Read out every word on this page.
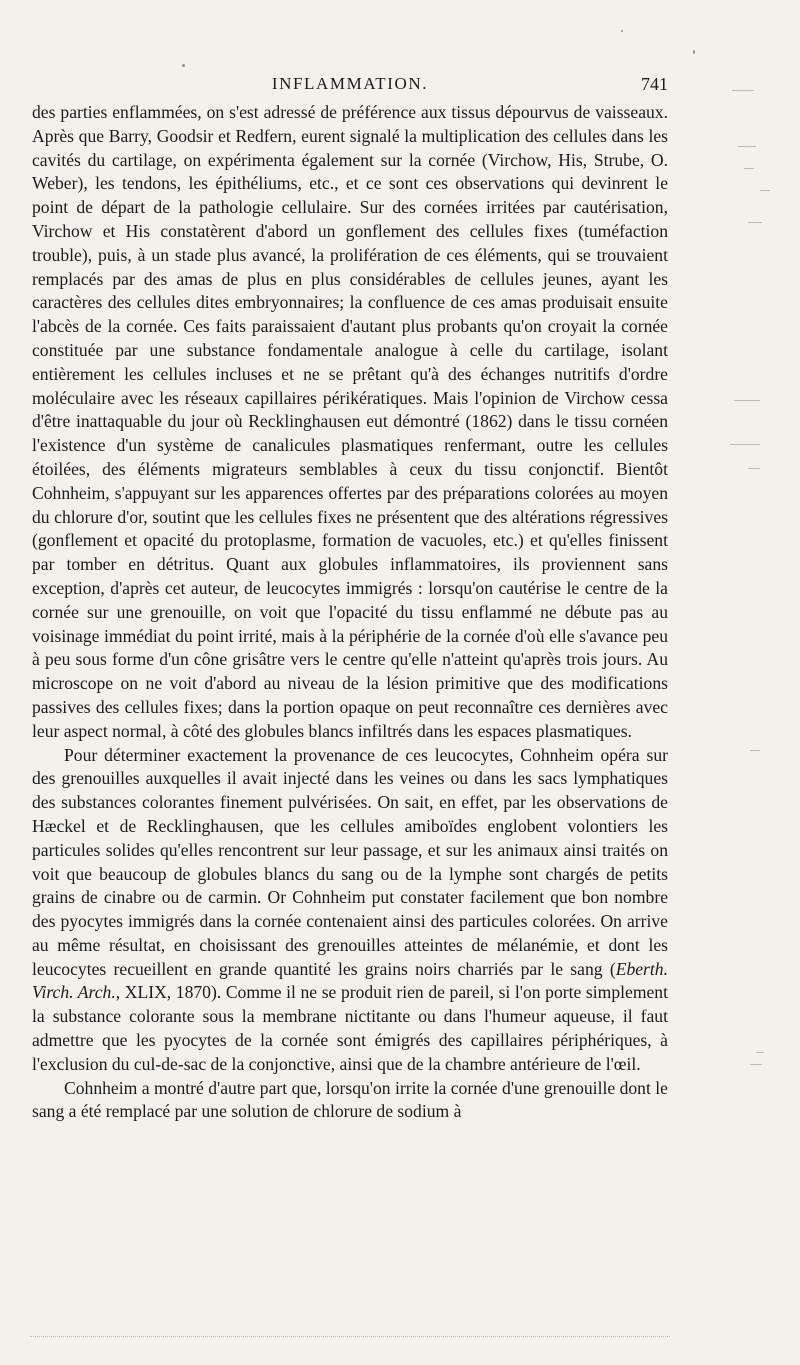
INFLAMMATION.	741

des parties enflammées, on s'est adressé de préférence aux tissus dépourvus de vaisseaux. Après que Barry, Goodsir et Redfern, eurent signalé la multiplication des cellules dans les cavités du cartilage, on expérimenta également sur la cornée (Virchow, His, Strube, O. Weber), les tendons, les épithéliums, etc., et ce sont ces observations qui devinrent le point de départ de la pathologie cellulaire. Sur des cornées irritées par cautérisation, Virchow et His constatèrent d'abord un gonflement des cellules fixes (tuméfaction trouble), puis, à un stade plus avancé, la prolifération de ces éléments, qui se trouvaient remplacés par des amas de plus en plus considérables de cellules jeunes, ayant les caractères des cellules dites embryonnaires; la confluence de ces amas produisait ensuite l'abcès de la cornée. Ces faits paraissaient d'autant plus probants qu'on croyait la cornée constituée par une substance fondamentale analogue à celle du cartilage, isolant entièrement les cellules incluses et ne se prêtant qu'à des échanges nutritifs d'ordre moléculaire avec les réseaux capillaires périkératiques. Mais l'opinion de Virchow cessa d'être inattaquable du jour où Recklinghausen eut démontré (1862) dans le tissu cornéen l'existence d'un système de canalicules plasmatiques renfermant, outre les cellules étoilées, des éléments migrateurs semblables à ceux du tissu conjonctif. Bientôt Cohnheim, s'appuyant sur les apparences offertes par des préparations colorées au moyen du chlorure d'or, soutint que les cellules fixes ne présentent que des altérations régressives (gonflement et opacité du protoplasme, formation de vacuoles, etc.) et qu'elles finissent par tomber en détritus. Quant aux globules inflammatoires, ils proviennent sans exception, d'après cet auteur, de leucocytes immigrés : lorsqu'on cautérise le centre de la cornée sur une grenouille, on voit que l'opacité du tissu enflammé ne débute pas au voisinage immédiat du point irrité, mais à la périphérie de la cornée d'où elle s'avance peu à peu sous forme d'un cône grisâtre vers le centre qu'elle n'atteint qu'après trois jours. Au microscope on ne voit d'abord au niveau de la lésion primitive que des modifications passives des cellules fixes; dans la portion opaque on peut reconnaître ces dernières avec leur aspect normal, à côté des globules blancs infiltrés dans les espaces plasmatiques.

Pour déterminer exactement la provenance de ces leucocytes, Cohnheim opéra sur des grenouilles auxquelles il avait injecté dans les veines ou dans les sacs lymphatiques des substances colorantes finement pulvérisées. On sait, en effet, par les observations de Hæckel et de Recklinghausen, que les cellules amiboïdes englobent volontiers les particules solides qu'elles rencontrent sur leur passage, et sur les animaux ainsi traités on voit que beaucoup de globules blancs du sang ou de la lymphe sont chargés de petits grains de cinabre ou de carmin. Or Cohnheim put constater facilement que bon nombre des pyocytes immigrés dans la cornée contenaient ainsi des particules colorées. On arrive au même résultat, en choisissant des grenouilles atteintes de mélanémie, et dont les leucocytes recueillent en grande quantité les grains noirs charriés par le sang (Eberth. Virch. Arch., XLIX, 1870). Comme il ne se produit rien de pareil, si l'on porte simplement la substance colorante sous la membrane nictitante ou dans l'humeur aqueuse, il faut admettre que les pyocytes de la cornée sont émigrés des capillaires périphériques, à l'exclusion du cul-de-sac de la conjonctive, ainsi que de la chambre antérieure de l'œil.

Cohnheim a montré d'autre part que, lorsqu'on irrite la cornée d'une grenouille dont le sang a été remplacé par une solution de chlorure de sodium à
